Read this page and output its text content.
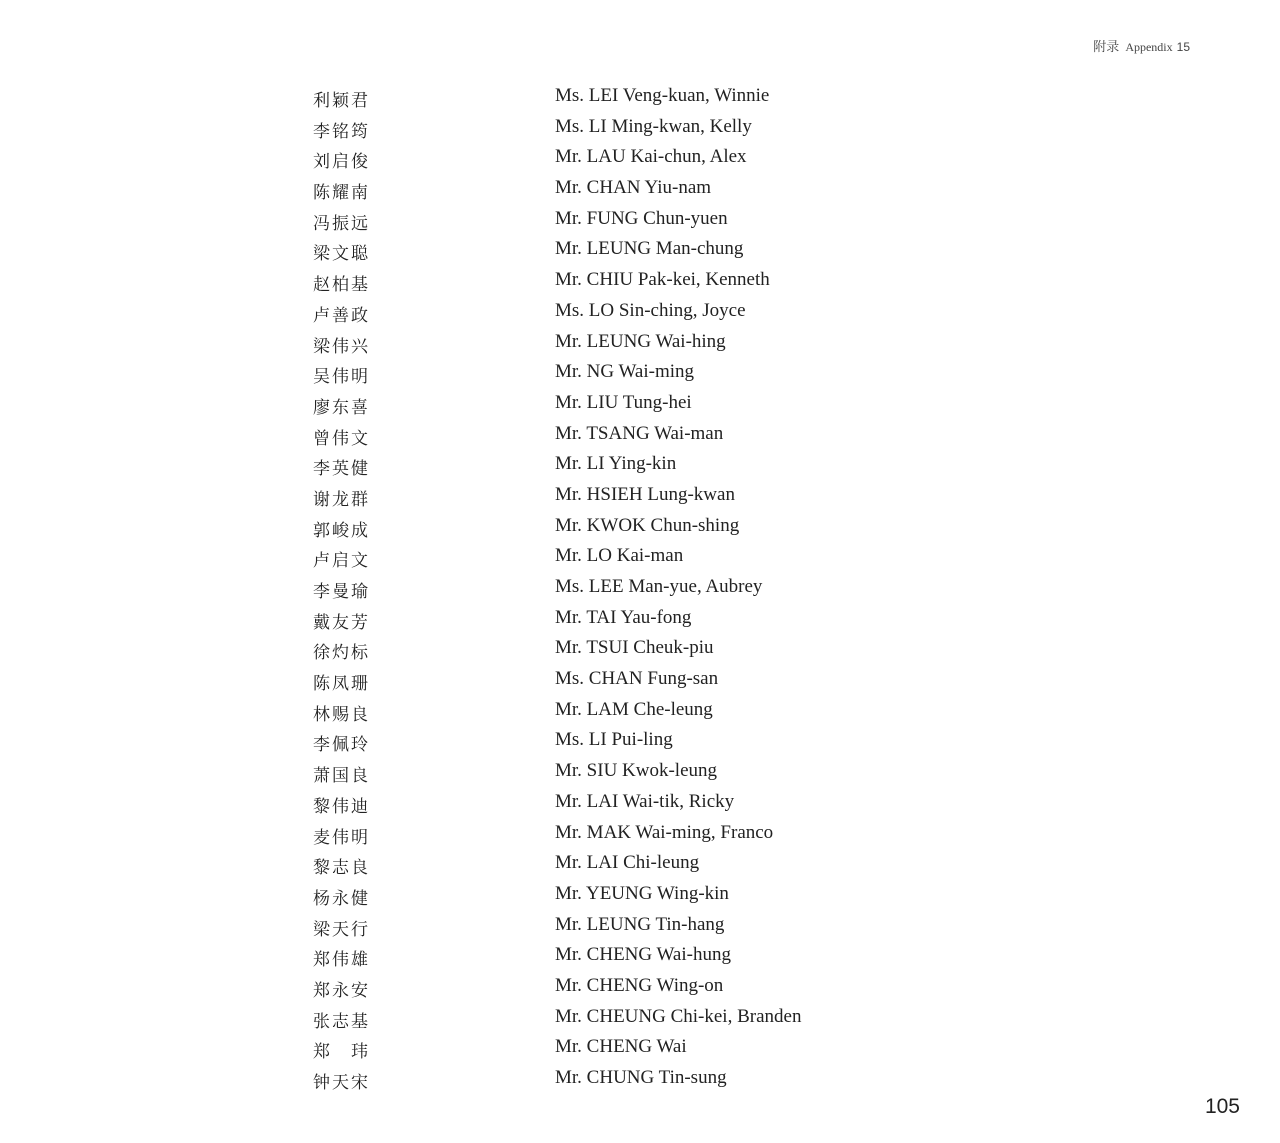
附录 Appendix 15
利颖君	Ms. LEI Veng-kuan, Winnie
李铭筠	Ms. LI Ming-kwan, Kelly
刘启俊	Mr. LAU Kai-chun, Alex
陈耀南	Mr. CHAN Yiu-nam
冯振远	Mr. FUNG Chun-yuen
梁文聪	Mr. LEUNG Man-chung
赵柏基	Mr. CHIU Pak-kei, Kenneth
卢善政	Ms. LO Sin-ching, Joyce
梁伟兴	Mr. LEUNG Wai-hing
吴伟明	Mr. NG Wai-ming
廖东喜	Mr. LIU Tung-hei
曾伟文	Mr. TSANG Wai-man
李英健	Mr. LI Ying-kin
谢龙群	Mr. HSIEH Lung-kwan
郭峻成	Mr. KWOK Chun-shing
卢启文	Mr. LO Kai-man
李曼瑜	Ms. LEE Man-yue, Aubrey
戴友芳	Mr. TAI Yau-fong
徐灼标	Mr. TSUI Cheuk-piu
陈凤珊	Ms. CHAN Fung-san
林赐良	Mr. LAM Che-leung
李佩玲	Ms. LI Pui-ling
萧国良	Mr. SIU Kwok-leung
黎伟迪	Mr. LAI Wai-tik, Ricky
麦伟明	Mr. MAK Wai-ming, Franco
黎志良	Mr. LAI Chi-leung
杨永健	Mr. YEUNG Wing-kin
梁天行	Mr. LEUNG Tin-hang
郑伟雄	Mr. CHENG Wai-hung
郑永安	Mr. CHENG Wing-on
张志基	Mr. CHEUNG Chi-kei, Branden
郑　玮	Mr. CHENG Wai
钟天宋	Mr. CHUNG Tin-sung
105
